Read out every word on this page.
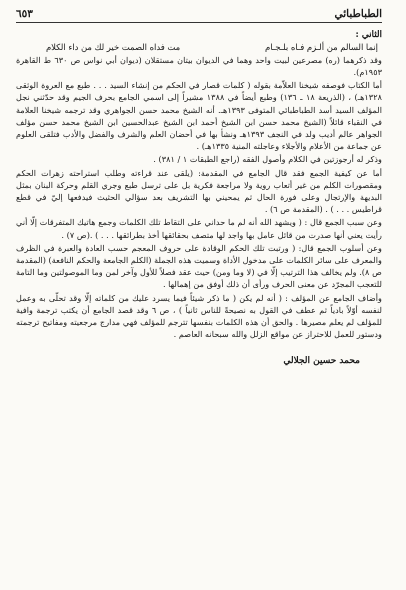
الطباطبائي
٦٥٣
الثاني :
إنما السالم من ألـزم فـاه بلـجـام
مت فداه الصمت خير لك من داء الكلام

وقد ذكرهما (ره) مصرعين لبيت واحد وهما في الديوان بيتان مستقلان (ديوان أبي نواس ص ٦٣٠ ط القاهرة ١٩٥٣م).

أما الكتاب فوصفه شيخنا العلاّمة بقوله ( كلمات قصار في الحكم من إنشاء السيد . . . طبع مع العروة الوثقى ١٣٢٨هـ) ، (الذريعة ١٨ ـ ١٣٦) وطبع أيضاً في ١٣٨٨ مشيراً إلى اسمي الجامع بحرف الجيم وقد حدّثني نجل المؤلف السيد أسد الطباطبائي المتوفى ١٣٩٣هـ. أنه الشيخ محمد حسن الجواهري وقد ترجمه شيخنا العلامة في النقباء قائلاً (الشيخ محمد حسن ابن الشيخ أحمد ابن الشيخ عبدالحسين ابن الشيخ محمد حسن مؤلف الجواهر عالم أديب ولد في النجف ١٣٩٣هـ ونشأ بها في أحضان العلم والشرف والفضل والأدب فتلقى العلوم عن جماعة من الأعلام والأجلاء وعاجلته المنية ١٣٣٥هـ) .

وذكر له أرجوزتين في الكلام وأصول الفقه (راجع الطبقات ١ / ٣٨١) .

أما عن كيفية الجمع فقد قال الجامع في المقدمة: (يلقى عند قراءته وطلب استراحته زهرات الحكم ومقصورات الكلم من غير أتعاب روية ولا مراجعة فكرية بل على ترسل طبع وجري القلم وحركة البنان بمثل البديهة والإرتجال وعلى فورة الحال ثم يمحيني بها التشريف بعد سؤالي الحثيث فيدفعها إليّ في قطع قراطيس . . . ) . (المقدمة ص ٦) .

وعن سبب الجمع قال : ( ويشهد الله أنه لم ما حداني على التقاط تلك الكلمات وجمع هاتيك المتفرقات إلّا أني رأيت يعني أنها صدرت من قائل عامل بها واجد لها متصف بحقائقها أخذ بطرائقها . . . ) .(ص ٧) .

وعن أسلوب الجمع قال: ( ورتبت تلك الحكم الوقادة على حروف المعجم حسب العادة والعبرة في الظرف والمعرف على سائر الكلمات على مدخول الأداة وسميت هذه الجملة (الكلم الجامعة والحكم النافعة) (المقدمة ص ٨). ولم يخالف هذا الترتيب إلّا في (لا وما ومن) حيث عقد فصلاً للأول وآخر لمن وما الموصولتين وما التامة للتعجب المجرّد عن معنى الحرف ورأى أن ذلك أوفق من إهمالها .

وأضاف الجامع عن المؤلف : ( أنه لم يكن ( ما ذكر شيئاً فيما يسرد عليك من كلماته إلّا وقد تحلّى به وعمل لنفسه أوّلاً بادياً ثم عطف في القول به نصيحةً للناس ثانياً ) ، ص ٦ وقد قصد الجامع أن يكتب ترجمة وافية للمؤلف لم يعلم مصيرها . والحق أن هذه الكلمات بنفسها تترجم للمؤلف فهي مدارج مرجعيته ومفاتيح ترجمته ودستور للعمل للاحتراز عن مواقع الزلل والله سبحانه العاصم .

محمد حسين الجلالي
